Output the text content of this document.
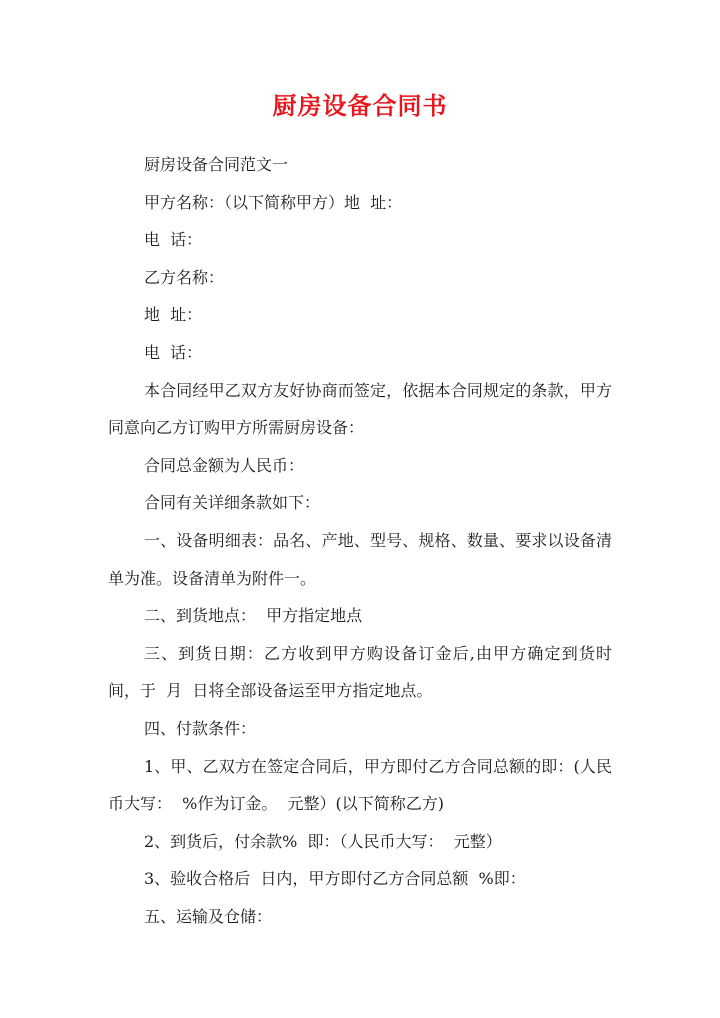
厨房设备合同书

厨房设备合同范文一

甲方名称：（以下简称甲方）地  址：

电  话：

乙方名称：

地  址：

电  话：

本合同经甲乙双方友好协商而签定，依据本合同规定的条款，甲方同意向乙方订购甲方所需厨房设备：

合同总金额为人民币：

合同有关详细条款如下：

一、设备明细表：品名、产地、型号、规格、数量、要求以设备清单为准。设备清单为附件一。

二、到货地点：  甲方指定地点

三、到货日期：乙方收到甲方购设备订金后,由甲方确定到货时间，于  月  日将全部设备运至甲方指定地点。

四、付款条件：

1、甲、乙双方在签定合同后，甲方即付乙方合同总额的即：(人民币大写：  %作为订金。  元整）(以下简称乙方)

2、到货后，付余款%  即：（人民币大写：  元整）

3、验收合格后  日内，甲方即付乙方合同总额  %即：

五、运输及仓储：
